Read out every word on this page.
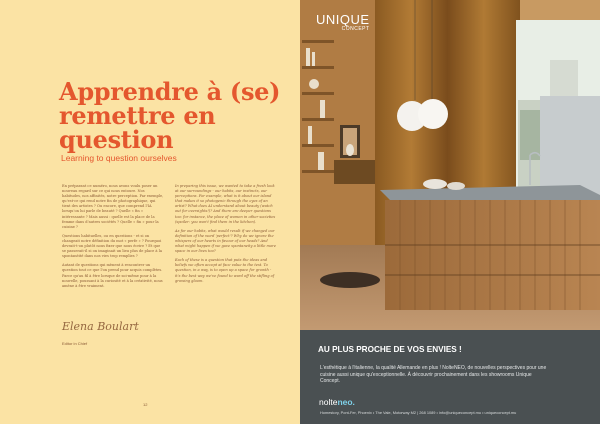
Apprendre à (se) remettre en question

Learning to question ourselves

En préparant ce numéro, nous avons voulu poser un nouveau regard sur ce qui nous entoure. Nos habitudes, nos affinités, notre perception. Par exemple, qu'est-ce qui rend notre fin de photographique, qui tient des artistes ? Ou encore, que comprend l'IA lorsqu'on lui parle de beauté ? Quelle « fin » intéressante ? Mais aussi : quelle est la place de la femme dans d'autres sociétés ? Quelle « fin » pour la cuisine ?

Questions habituelles, ou en questions - et si on changeait notre définition du mot « perfe » ? Pourquoi devrait-t-on plutôt nous fixer que nous écrire ? Et que se passerait-il si on imaginait un lieu plus de place à la spontanéité dans nos vies trop remplies ?

Autant de questions qui mènent à rencontrer un question tout ce que l'on prend pour acquis complètes. Parce qu'au fil à être lorsque de soi-même pour à la nouvelle, poussant à la curiosité et à la créativité, nous amène à être vraiment.

In preparing this issue, we wanted to take a fresh look at our surroundings - our habits, our instincts, our perceptions. For example, what is it about our island that makes it so photogenic through the eyes of an artist? What does AI understand about beauty (watch out for oversights!)? And there are deeper questions too: for instance, the place of women in other societies (spoiler: you won't find them in the kitchen).

As for our habits, what would result if we changed our definition of the word 'perfect'? Why do we ignore the whispers of our hearts in favour of our heads? And what might happen if we gave spontaneity a little more space in our lives too?

Each of these is a question that puts the ideas and beliefs we often accept at face value to the test. To question, in a way, is to open up a space for growth - it's the best way we've found to ward off the stifling of growing gloom.

Elena Boulart
Editor in Chief
12
UNIQUE
CONCEPT

AU PLUS PROCHE DE VOS ENVIES !

L'esthétique à l'italienne, la qualité Allemande en plus ! NolteNEO, de nouvelles perspectives pour une cuisine aussi unique qu'exceptionnelle. À découvrir prochainement dans les showrooms Unique Concept.

nolteneo.
Homestory, Pont-Fer, Phoenix • The Vale, Motorway M2 | 268 1089 • info@uniqueconcept.mu • uniqueconcept.mu
